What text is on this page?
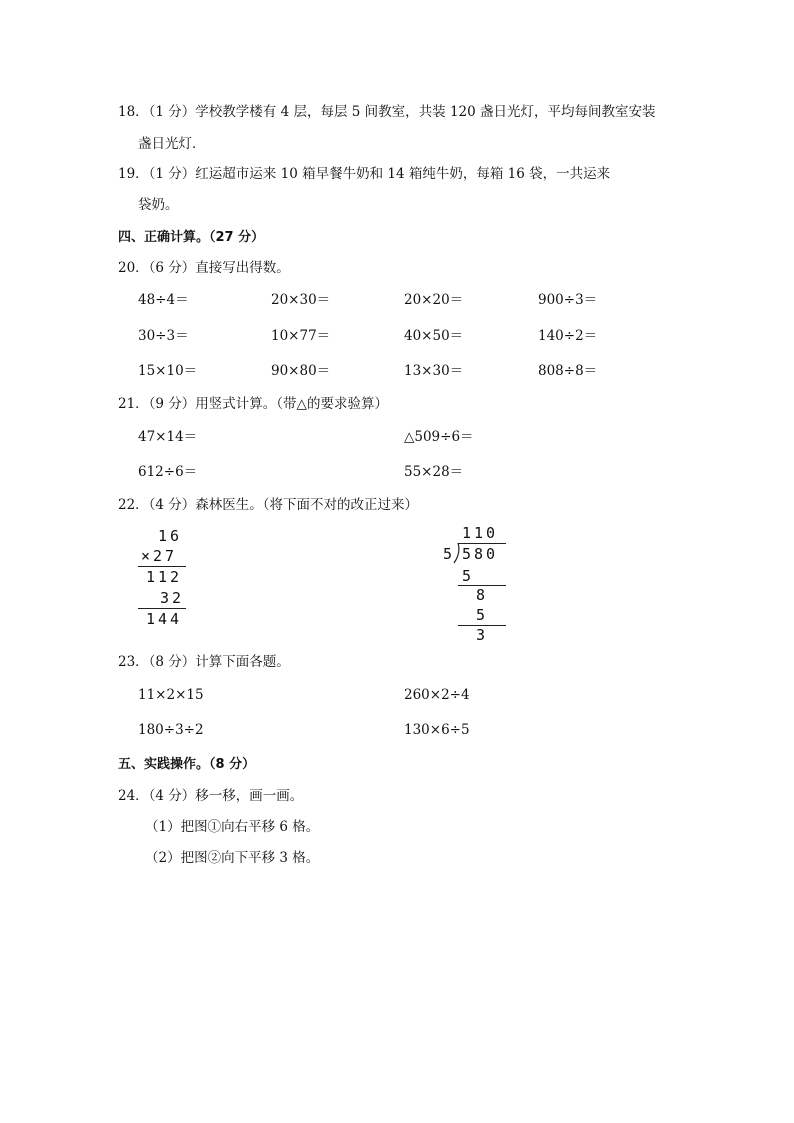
18．（1 分）学校教学楼有 4 层，每层 5 间教室，共装 120 盏日光灯，平均每间教室安装
盏日光灯．
19．（1 分）红运超市运来 10 箱早餐牛奶和 14 箱纯牛奶，每箱 16 袋，一共运来
袋奶。
四、正确计算。（27 分）
20．（6 分）直接写出得数。
48÷4＝	20×30＝	20×20＝	900÷3＝
30÷3＝	10×77＝	40×50＝	140÷2＝
15×10＝	90×80＝	13×30＝	808÷8＝
21．（9 分）用竖式计算。（带△的要求验算）
47×14＝	△509÷6＝
612÷6＝	55×28＝
22．（4 分）森林医生。（将下面不对的改正过来）
16
×27
112
32
144
110
5 580
5
8
5
3
23．（8 分）计算下面各题。
11×2×15	260×2÷4
180÷3÷2	130×6÷5
五、实践操作。（8 分）
24．（4 分）移一移，画一画。
（1）把图①向右平移 6 格。
（2）把图②向下平移 3 格。
